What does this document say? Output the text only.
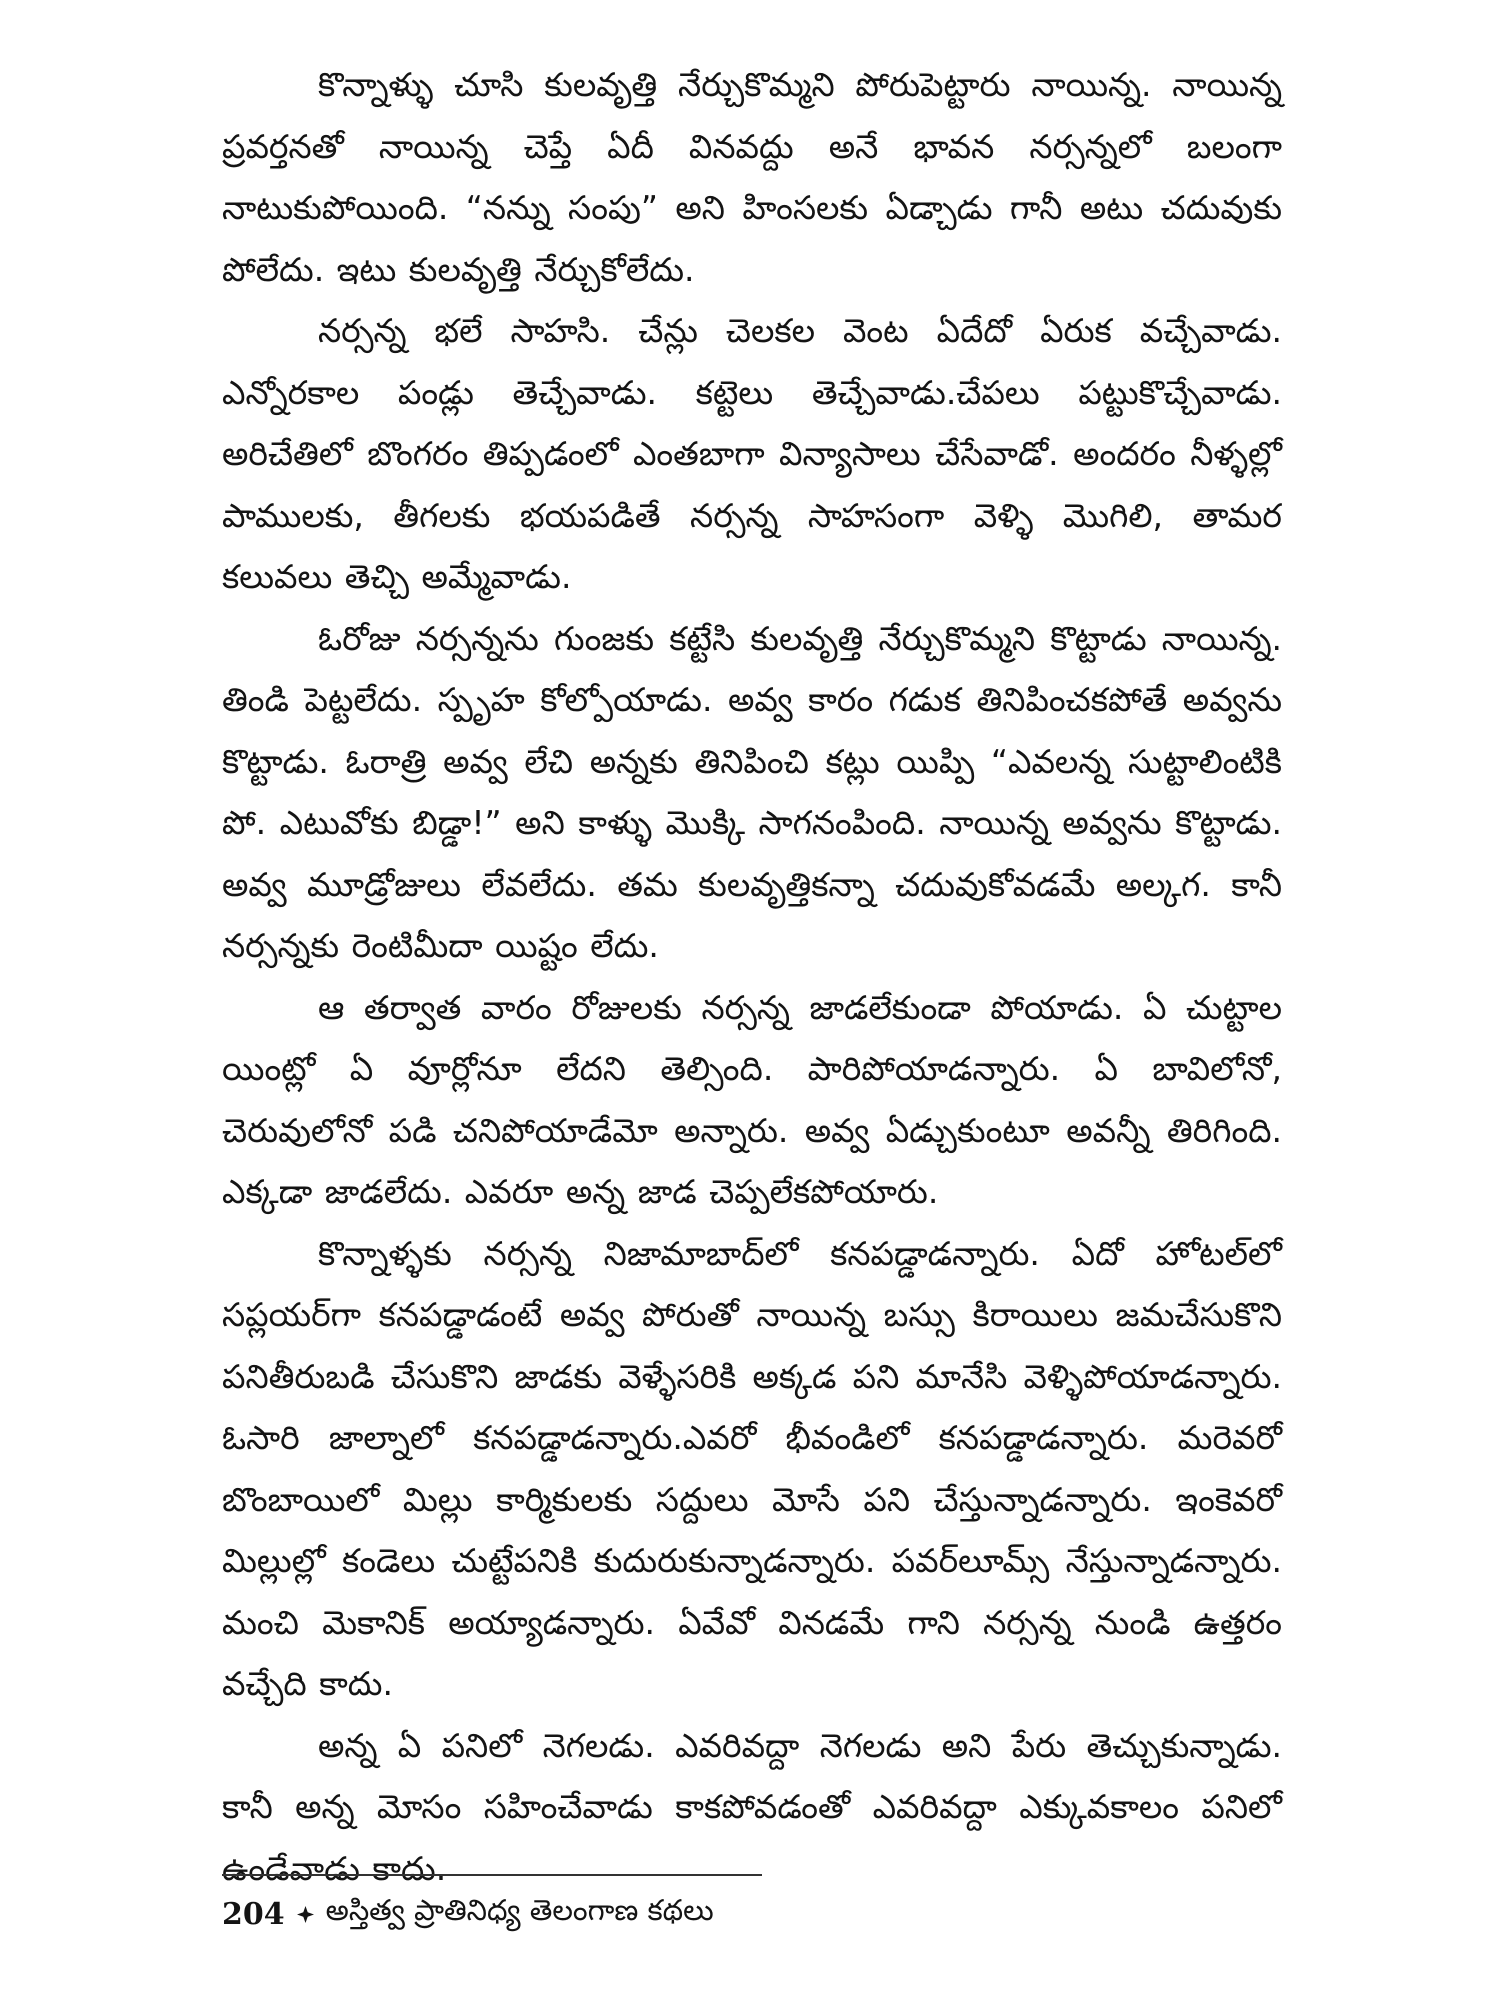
కొన్నాళ్ళు చూసి కులవృత్తి నేర్చుకొమ్మని పోరుపెట్టారు నాయిన్న. నాయిన్న ప్రవర్తనతో నాయిన్న చెప్తే ఏదీ వినవద్దు అనే భావన నర్సన్నలో బలంగా నాటుకుపోయింది. “నన్ను సంపు” అని హింసలకు ఏడ్చాడు గానీ అటు చదువుకు పోలేదు. ఇటు కులవృత్తి నేర్చుకోలేదు.

నర్సన్న భలే సాహసి. చేన్లు చెలకల వెంట ఏదేదో ఏరుక వచ్చేవాడు. ఎన్నోరకాల పండ్లు తెచ్చేవాడు. కట్టెలు తెచ్చేవాడు.చేపలు పట్టుకొచ్చేవాడు. అరిచేతిలో బొంగరం తిప్పడంలో ఎంతబాగా విన్యాసాలు చేసేవాడో. అందరం నీళ్ళల్లో పాములకు, తీగలకు భయపడితే నర్సన్న సాహసంగా వెళ్ళి మొగిలి, తామర కలువలు తెచ్చి అమ్మేవాడు.

ఓరోజు నర్సన్నను గుంజకు కట్టేసి కులవృత్తి నేర్చుకొమ్మని కొట్టాడు నాయిన్న. తిండి పెట్టలేదు. స్పృహ కోల్పోయాడు. అవ్వ కారం గడుక తినిపించకపోతే అవ్వను కొట్టాడు. ఓరాత్రి అవ్వ లేచి అన్నకు తినిపించి కట్లు యిప్పి “ఎవలన్న సుట్టాలింటికి పో. ఎటువోకు బిడ్డా!” అని కాళ్ళు మొక్కి సాగనంపింది. నాయిన్న అవ్వను కొట్టాడు. అవ్వ మూడ్రోజులు లేవలేదు. తమ కులవృత్తికన్నా చదువుకోవడమే అల్కగ. కానీ నర్సన్నకు రెంటిమీదా యిష్టం లేదు.

ఆ తర్వాత వారం రోజులకు నర్సన్న జాడలేకుండా పోయాడు. ఏ చుట్టాల యింట్లో ఏ వూర్లోనూ లేదని తెల్సింది. పారిపోయాడన్నారు. ఏ బావిలోనో, చెరువులోనో పడి చనిపోయాడేమో అన్నారు. అవ్వ ఏడ్చుకుంటూ అవన్నీ తిరిగింది. ఎక్కడా జాడలేదు. ఎవరూ అన్న జాడ చెప్పలేకపోయారు.

కొన్నాళ్ళకు నర్సన్న నిజామాబాద్‌లో కనపడ్డాడన్నారు. ఏదో హోటల్‌లో సప్లయర్‌గా కనపడ్డాడంటే అవ్వ పోరుతో నాయిన్న బస్సు కిరాయిలు జమచేసుకొని పనితీరుబడి చేసుకొని జాడకు వెళ్ళేసరికి అక్కడ పని మానేసి వెళ్ళిపోయాడన్నారు. ఓసారి జాల్నాలో కనపడ్డాడన్నారు.ఎవరో భీవండిలో కనపడ్డాడన్నారు. మరెవరో బొంబాయిలో మిల్లు కార్మికులకు సద్దులు మోసే పని చేస్తున్నాడన్నారు. ఇంకెవరో మిల్లుల్లో కండెలు చుట్టేపనికి కుదురుకున్నాడన్నారు. పవర్‌లూమ్స్ నేస్తున్నాడన్నారు. మంచి మెకానిక్ అయ్యాడన్నారు. ఏవేవో వినడమే గాని నర్సన్న నుండి ఉత్తరం వచ్చేది కాదు.

అన్న ఏ పనిలో నెగలడు. ఎవరివద్దా నెగలడు అని పేరు తెచ్చుకున్నాడు. కానీ అన్న మోసం సహించేవాడు కాకపోవడంతో ఎవరివద్దా ఎక్కువకాలం పనిలో ఉండేవాడు కాదు.

204 అస్తిత్వ ప్రాతినిధ్య తెలంగాణ కథలు
